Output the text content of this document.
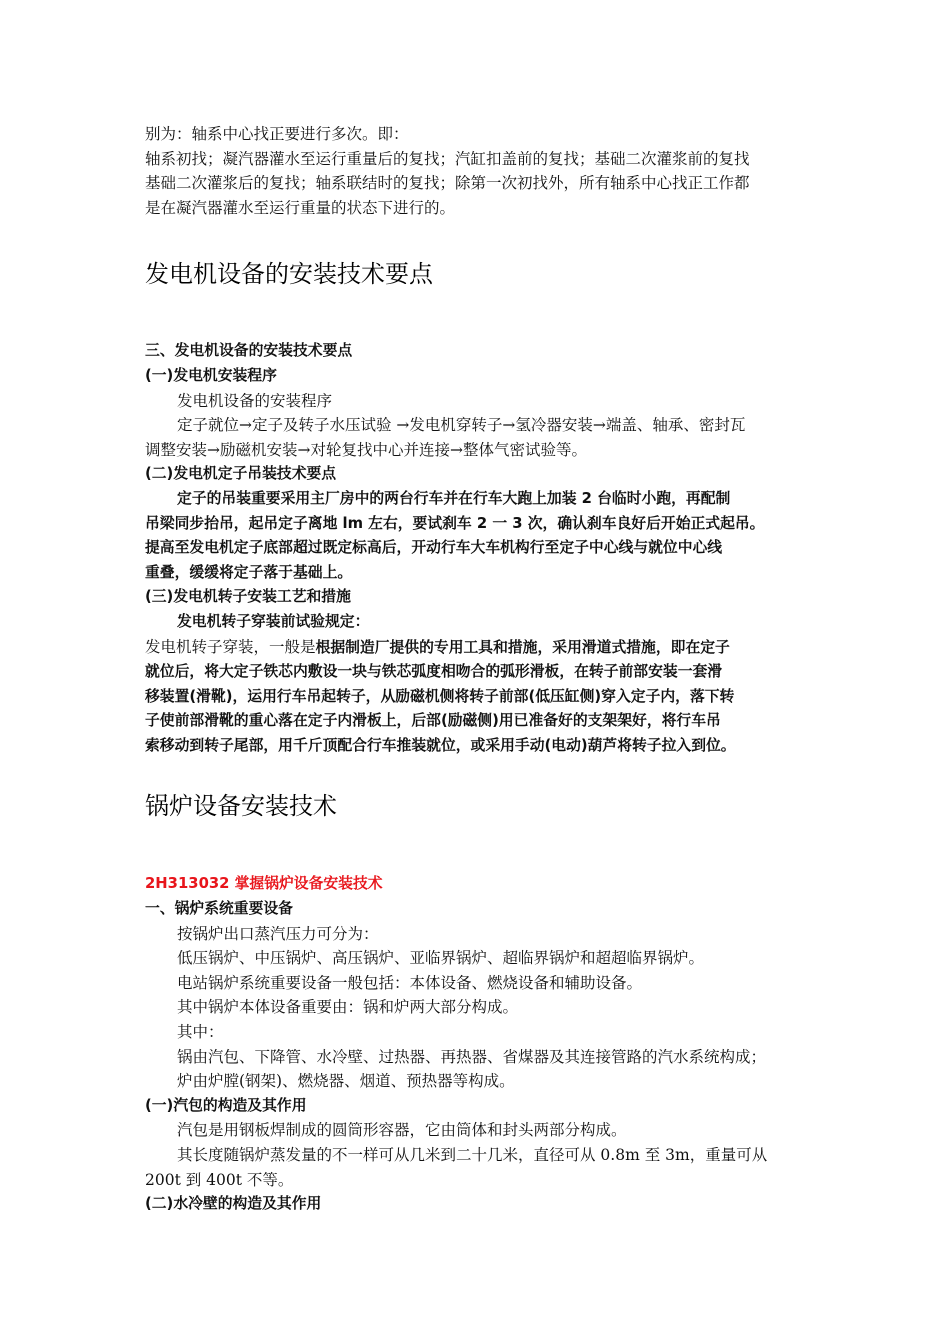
别为：轴系中心找正要进行多次。即：

轴系初找；凝汽器灌水至运行重量后的复找；汽缸扣盖前的复找；基础二次灌浆前的复找

基础二次灌浆后的复找；轴系联结时的复找；除第一次初找外，所有轴系中心找正工作都

是在凝汽器灌水至运行重量的状态下进行的。

发电机设备的安装技术要点

三、发电机设备的安装技术要点

(一)发电机安装程序

发电机设备的安装程序

定子就位→定子及转子水压试验 →发电机穿转子→氢冷器安装→端盖、轴承、密封瓦

调整安装→励磁机安装→对轮复找中心并连接→整体气密试验等。

(二)发电机定子吊装技术要点

定子的吊装重要采用主厂房中的两台行车并在行车大跑上加装 2 台临时小跑，再配制

吊梁同步抬吊，起吊定子离地 lm 左右，要试刹车 2 一 3 次，确认刹车良好后开始正式起吊。

提高至发电机定子底部超过既定标高后，开动行车大车机构行至定子中心线与就位中心线

重叠，缓缓将定子落于基础上。

(三)发电机转子安装工艺和措施

发电机转子穿装前试验规定：

发电机转子穿装，一般是根据制造厂提供的专用工具和措施，采用滑道式措施，即在定子

就位后，将大定子铁芯内敷设一块与铁芯弧度相吻合的弧形滑板，在转子前部安装一套滑

移装置(滑靴)，运用行车吊起转子，从励磁机侧将转子前部(低压缸侧)穿入定子内，落下转

子使前部滑靴的重心落在定子内滑板上，后部(励磁侧)用已准备好的支架架好，将行车吊

索移动到转子尾部，用千斤顶配合行车推装就位，或采用手动(电动)葫芦将转子拉入到位。

锅炉设备安装技术

2H313032 掌握锅炉设备安装技术

一、锅炉系统重要设备

按锅炉出口蒸汽压力可分为：

低压锅炉、中压锅炉、高压锅炉、亚临界锅炉、超临界锅炉和超超临界锅炉。

电站锅炉系统重要设备一般包括：本体设备、燃烧设备和辅助设备。

其中锅炉本体设备重要由：锅和炉两大部分构成。

其中：

锅由汽包、下降管、水冷壁、过热器、再热器、省煤器及其连接管路的汽水系统构成；

炉由炉膛(钢架)、燃烧器、烟道、预热器等构成。

(一)汽包的构造及其作用

汽包是用钢板焊制成的圆筒形容器，它由筒体和封头两部分构成。

其长度随锅炉蒸发量的不一样可从几米到二十几米，直径可从 0.8m 至 3m，重量可从

200t 到 400t 不等。

(二)水冷壁的构造及其作用
